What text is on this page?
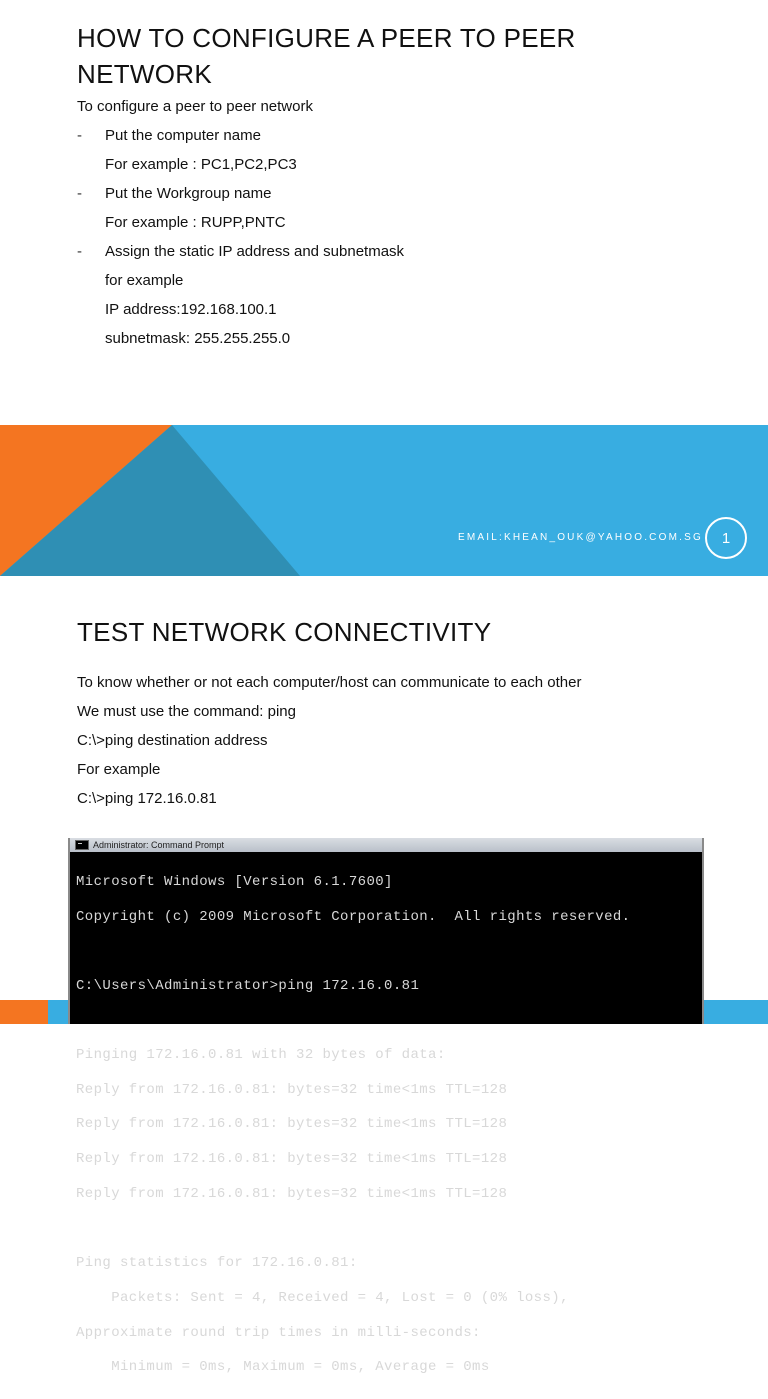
HOW TO CONFIGURE A PEER TO PEER NETWORK
To configure a peer to peer network
- Put the computer name
For example : PC1,PC2,PC3
- Put the Workgroup name
For example : RUPP,PNTC
- Assign the static IP address and subnetmask
for example
IP address:192.168.100.1
subnetmask: 255.255.255.0
EMAIL:KHEAN_OUK@YAHOO.COM.SG	1
TEST NETWORK CONNECTIVITY
To know whether or not each computer/host can communicate to each other
We must use the command: ping
C:\>ping destination address
For example
C:\>ping 172.16.0.81
Administrator: Command Prompt

Microsoft Windows [Version 6.1.7600]

Copyright (c) 2009 Microsoft Corporation.  All rights reserved.

C:\Users\Administrator>ping 172.16.0.81

Pinging 172.16.0.81 with 32 bytes of data:

Reply from 172.16.0.81: bytes=32 time<1ms TTL=128

Reply from 172.16.0.81: bytes=32 time<1ms TTL=128

Reply from 172.16.0.81: bytes=32 time<1ms TTL=128

Reply from 172.16.0.81: bytes=32 time<1ms TTL=128

Ping statistics for 172.16.0.81:

Packets: Sent = 4, Received = 4, Lost = 0 (0% loss),

Approximate round trip times in milli-seconds:

Minimum = 0ms, Maximum = 0ms, Average = 0ms
